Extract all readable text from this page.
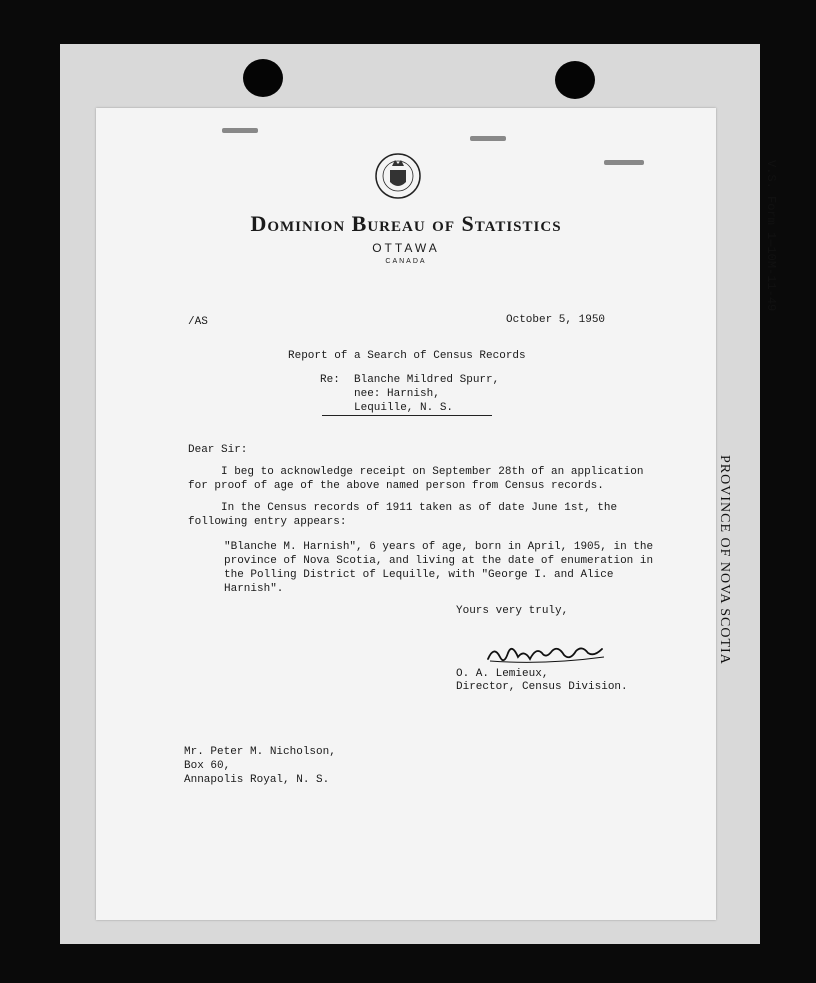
V.S. Form 1—10M-11-49
PROVINCE OF NOVA SCOTIA
Dominion Bureau of Statistics
OTTAWA
CANADA
/AS	October 5, 1950
Report of a Search of Census Records
Re: Blanche Mildred Spurr,
nee: Harnish,
Lequille, N. S.
Dear Sir:
I beg to acknowledge receipt on September 28th of an application
for proof of age of the above named person from Census records.
In the Census records of 1911 taken as of date June 1st, the
following entry appears:
"Blanche M. Harnish", 6 years of age, born in April, 1905, in the
province of Nova Scotia, and living at the date of enumeration in
the Polling District of Lequille, with "George I. and Alice
Harnish".
Yours very truly,
O. A. Lemieux,
Director, Census Division.
Mr. Peter M. Nicholson,
Box 60,
Annapolis Royal, N. S.
